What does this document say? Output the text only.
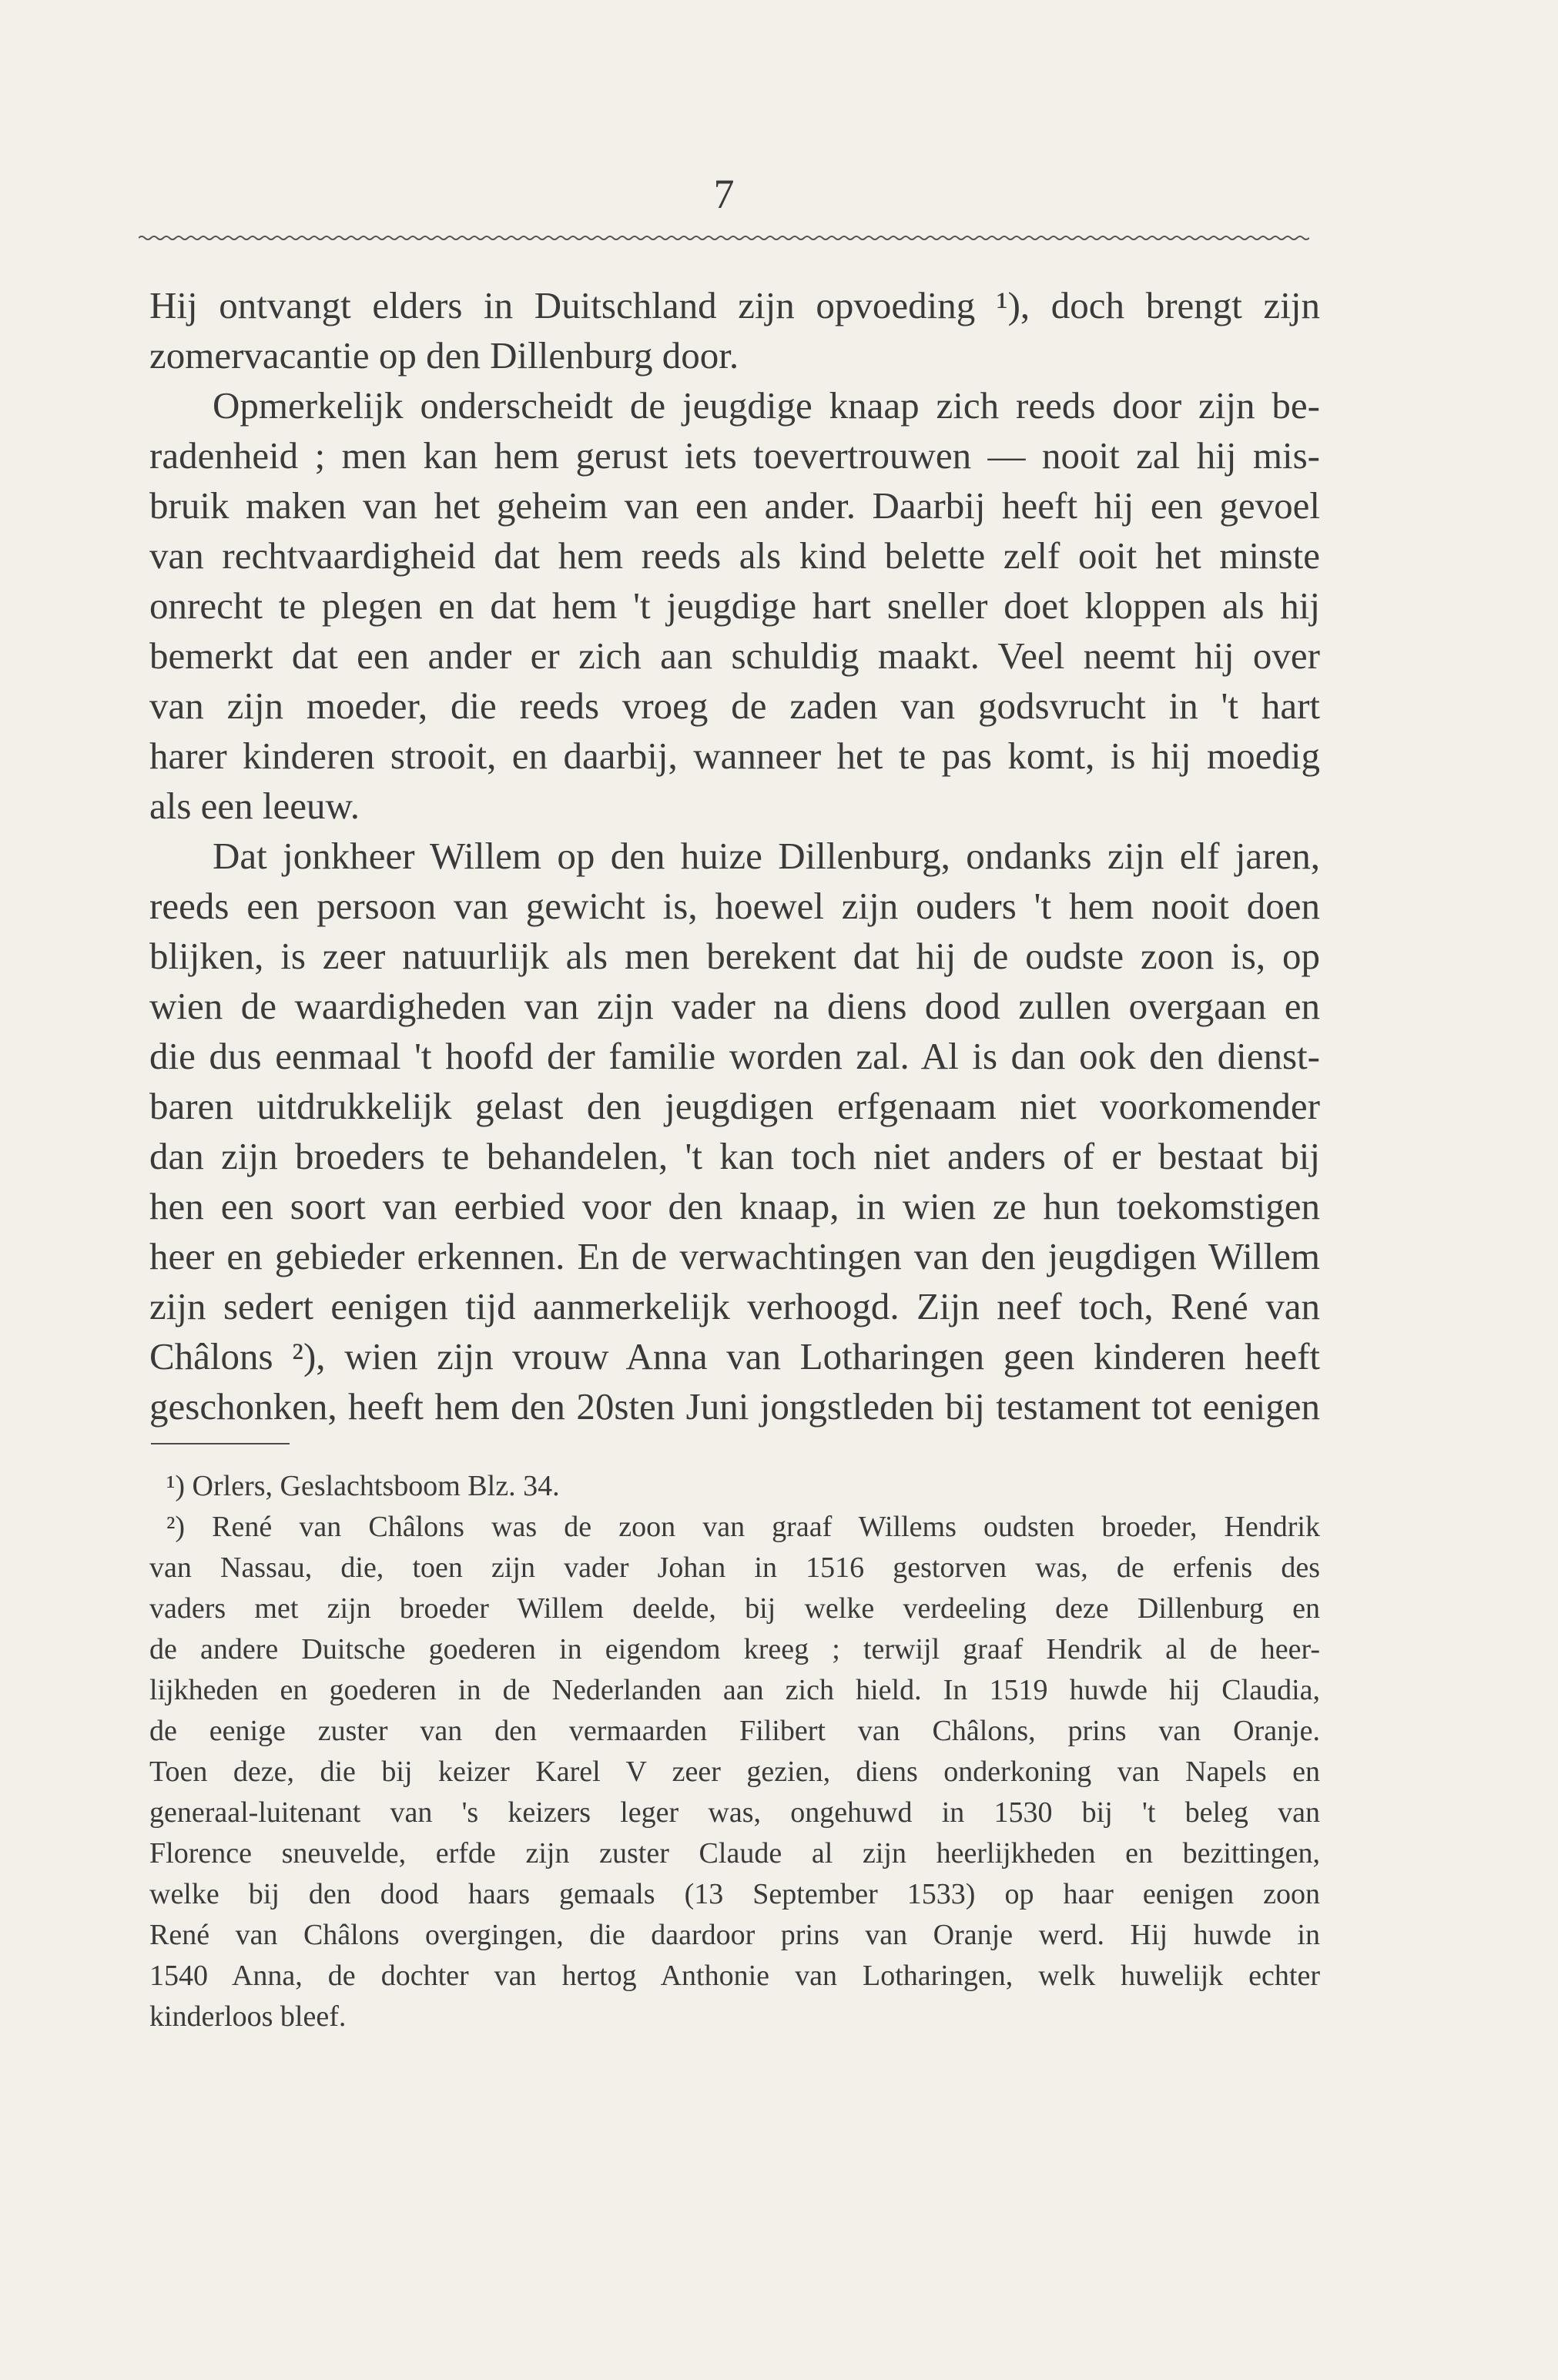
7
Hij ontvangt elders in Duitschland zijn opvoeding ¹), doch brengt zijn
zomervacantie op den Dillenburg door.
Opmerkelijk onderscheidt de jeugdige knaap zich reeds door zijn be-
radenheid ; men kan hem gerust iets toevertrouwen — nooit zal hij mis-
bruik maken van het geheim van een ander. Daarbij heeft hij een gevoel
van rechtvaardigheid dat hem reeds als kind belette zelf ooit het minste
onrecht te plegen en dat hem 't jeugdige hart sneller doet kloppen als hij
bemerkt dat een ander er zich aan schuldig maakt. Veel neemt hij over
van zijn moeder, die reeds vroeg de zaden van godsvrucht in 't hart
harer kinderen strooit, en daarbij, wanneer het te pas komt, is hij moedig
als een leeuw.
Dat jonkheer Willem op den huize Dillenburg, ondanks zijn elf jaren,
reeds een persoon van gewicht is, hoewel zijn ouders 't hem nooit doen
blijken, is zeer natuurlijk als men berekent dat hij de oudste zoon is, op
wien de waardigheden van zijn vader na diens dood zullen overgaan en
die dus eenmaal 't hoofd der familie worden zal. Al is dan ook den dienst-
baren uitdrukkelijk gelast den jeugdigen erfgenaam niet voorkomender
dan zijn broeders te behandelen, 't kan toch niet anders of er bestaat bij
hen een soort van eerbied voor den knaap, in wien ze hun toekomstigen
heer en gebieder erkennen. En de verwachtingen van den jeugdigen Willem
zijn sedert eenigen tijd aanmerkelijk verhoogd. Zijn neef toch, René van
Châlons ²), wien zijn vrouw Anna van Lotharingen geen kinderen heeft
geschonken, heeft hem den 20sten Juni jongstleden bij testament tot eenigen
¹) Orlers, Geslachtsboom Blz. 34.
²) René van Châlons was de zoon van graaf Willems oudsten broeder, Hendrik
van Nassau, die, toen zijn vader Johan in 1516 gestorven was, de erfenis des
vaders met zijn broeder Willem deelde, bij welke verdeeling deze Dillenburg en
de andere Duitsche goederen in eigendom kreeg ; terwijl graaf Hendrik al de heer-
lijkheden en goederen in de Nederlanden aan zich hield. In 1519 huwde hij Claudia,
de eenige zuster van den vermaarden Filibert van Châlons, prins van Oranje.
Toen deze, die bij keizer Karel V zeer gezien, diens onderkoning van Napels en
generaal-luitenant van 's keizers leger was, ongehuwd in 1530 bij 't beleg van
Florence sneuvelde, erfde zijn zuster Claude al zijn heerlijkheden en bezittingen,
welke bij den dood haars gemaals (13 September 1533) op haar eenigen zoon
René van Châlons overgingen, die daardoor prins van Oranje werd. Hij huwde in
1540 Anna, de dochter van hertog Anthonie van Lotharingen, welk huwelijk echter
kinderloos bleef.
